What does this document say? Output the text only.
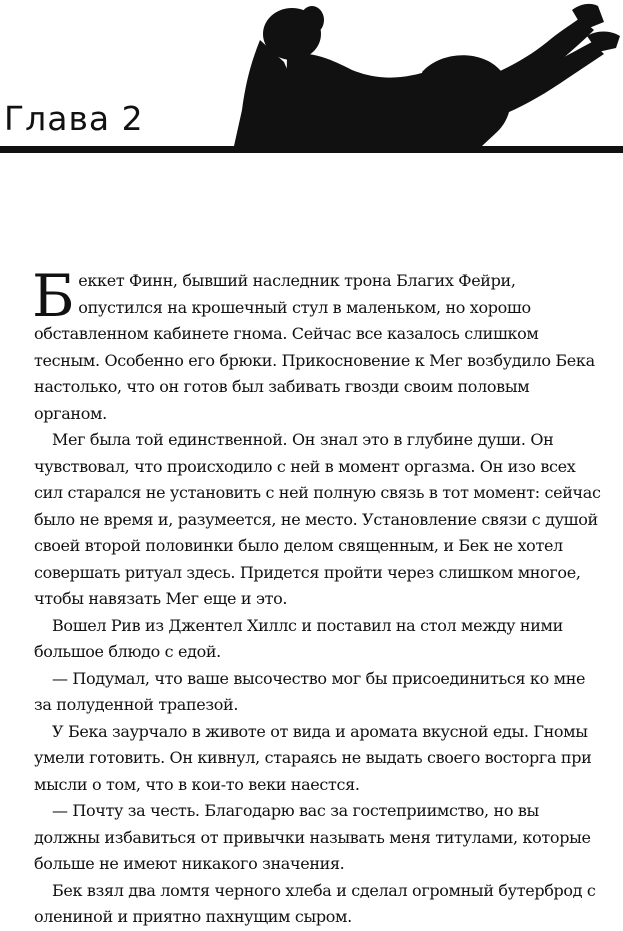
Глава 2

Беккет Финн, бывший наследник трона Благих Фейри, опустился на крошечный стул в маленьком, но хорошо обставленном кабинете гнома. Сейчас все казалось слишком тесным. Особенно его брюки. Прикосновение к Мег возбудило Бека настолько, что он готов был забивать гвозди своим половым органом.

Мег была той единственной. Он знал это в глубине души. Он чувствовал, что происходило с ней в момент оргазма. Он изо всех сил старался не установить с ней полную связь в тот момент: сейчас было не время и, разумеется, не место. Установление связи с душой своей второй половинки было делом священным, и Бек не хотел совершать ритуал здесь. Придется пройти через слишком многое, чтобы навязать Мег еще и это.

Вошел Рив из Джентел Хиллс и поставил на стол между ними большое блюдо с едой.

— Подумал, что ваше высочество мог бы присоединиться ко мне за полуденной трапезой.

У Бека заурчало в животе от вида и аромата вкусной еды. Гномы умели готовить. Он кивнул, стараясь не выдать своего восторга при мысли о том, что в кои-то веки наестся.

— Почту за честь. Благодарю вас за гостеприимство, но вы должны избавиться от привычки называть меня титулами, которые больше не имеют никакого значения.

Бек взял два ломтя черного хлеба и сделал огромный бутерброд с олениной и приятно пахнущим сыром.
